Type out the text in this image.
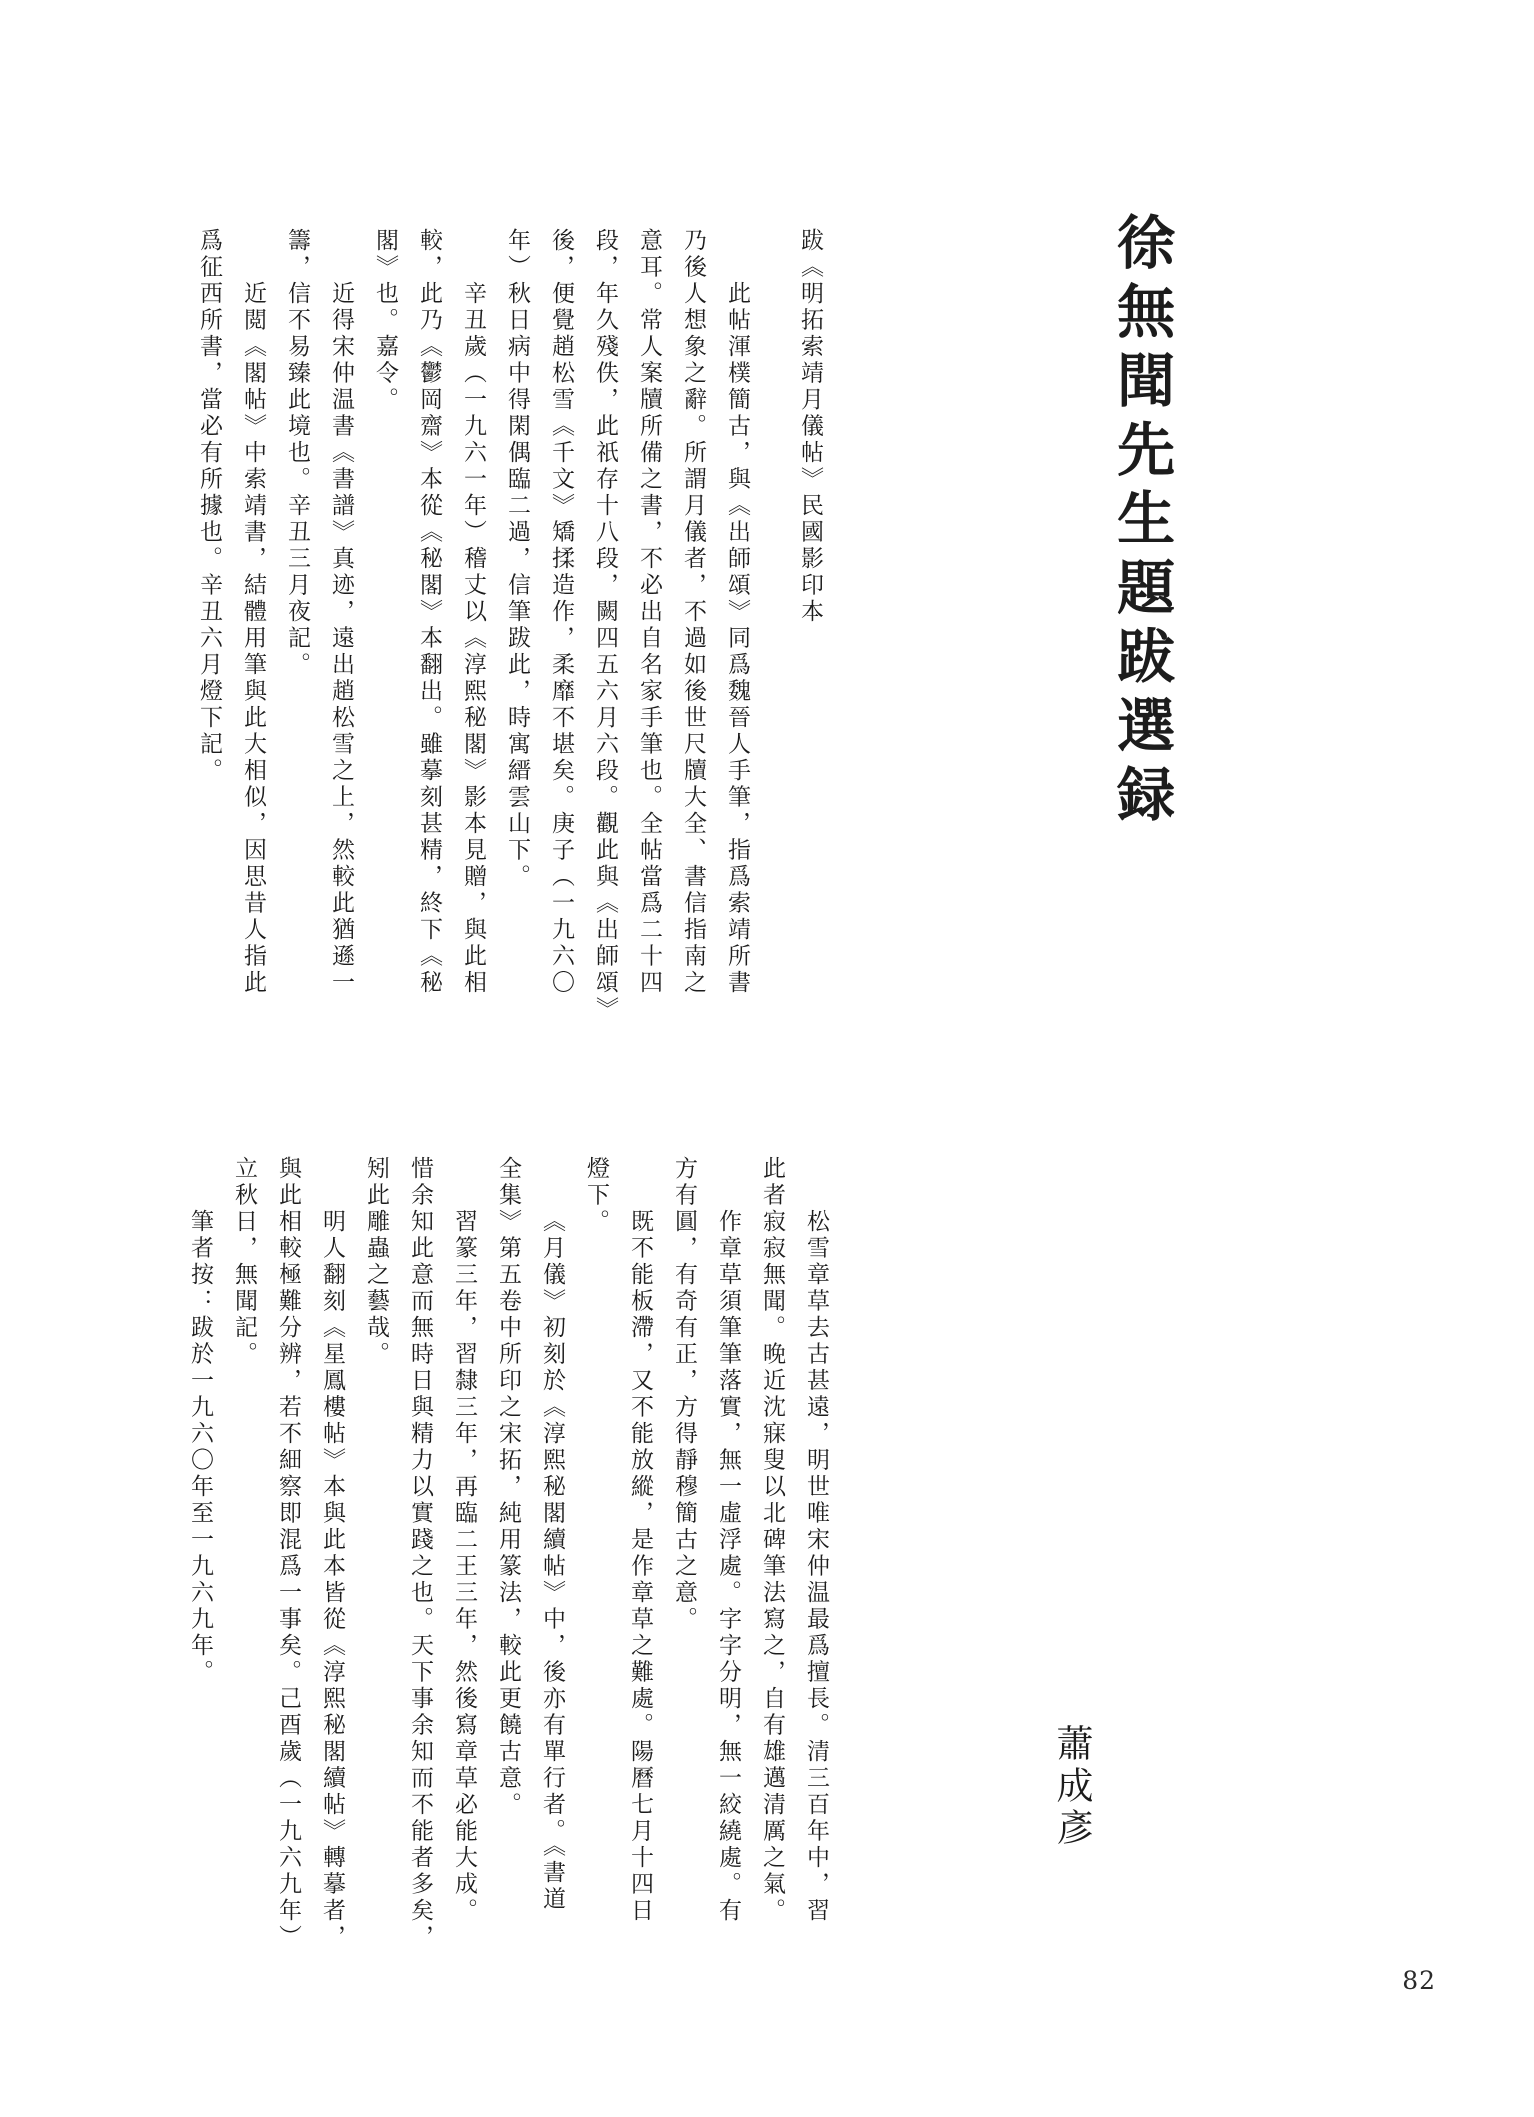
徐無聞先生題跋選録
蕭成彥

跋《明拓索靖月儀帖》民國影印本

此帖渾樸簡古，與《出師頌》同爲魏晉人手筆，指爲索靖所書

乃後人想象之辭。所謂月儀者，不過如後世尺牘大全、書信指南之

意耳。常人案牘所備之書，不必出自名家手筆也。全帖當爲二十四

段，年久殘佚，此祇存十八段，闕四五六月六段。觀此與《出師頌》

後，便覺趙松雪《千文》矯揉造作，柔靡不堪矣。庚子（一九六〇

年）秋日病中得閑偶臨二過，信筆跋此，時寓縉雲山下。

辛丑歲（一九六一年）稽丈以《淳熙秘閣》影本見贈，與此相

較，此乃《鬱岡齋》本從《秘閣》本翻出。雖摹刻甚精，終下《秘

閣》也。嘉令。

近得宋仲温書《書譜》真迹，遠出趙松雪之上，然較此猶遜一

籌，信不易臻此境也。辛丑三月夜記。

近閲《閣帖》中索靖書，結體用筆與此大相似，因思昔人指此

爲征西所書，當必有所據也。辛丑六月燈下記。

松雪章草去古甚遠，明世唯宋仲温最爲擅長。清三百年中，習

此者寂寂無聞。晚近沈寐叟以北碑筆法寫之，自有雄邁清厲之氣。

作章草須筆筆落實，無一虛浮處。字字分明，無一絞繞處。有

方有圓，有奇有正，方得靜穆簡古之意。

既不能板滯，又不能放縱，是作章草之難處。陽曆七月十四日

燈下。

《月儀》初刻於《淳熙秘閣續帖》中，後亦有單行者。《書道

全集》第五卷中所印之宋拓，純用篆法，較此更饒古意。

習篆三年，習隸三年，再臨二王三年，然後寫章草必能大成。

惜余知此意而無時日與精力以實踐之也。天下事余知而不能者多矣，

矧此雕蟲之藝哉。

明人翻刻《星鳳樓帖》本與此本皆從《淳熙秘閣續帖》轉摹者，

與此相較極難分辨，若不細察即混爲一事矣。己酉歲（一九六九年）

立秋日，無聞記。

筆者按：跋於一九六〇年至一九六九年。

82
